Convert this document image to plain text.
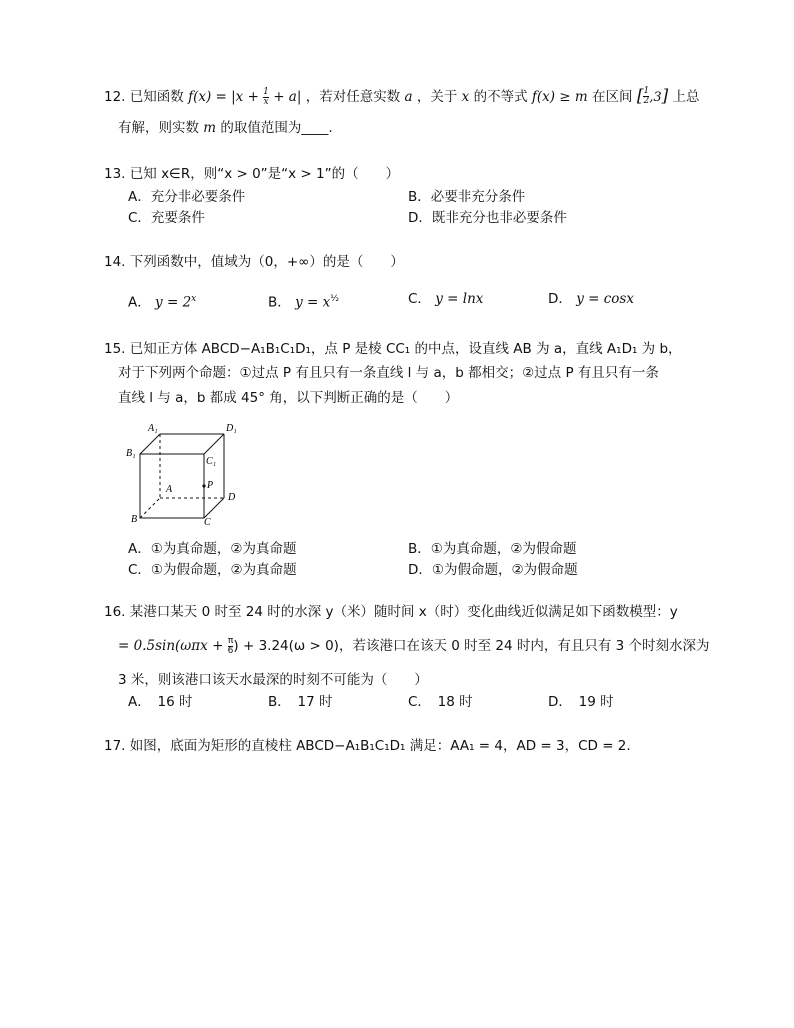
12. 已知函数 $f(x) = |x + \frac{1}{x} + a|$ ，若对任意实数 a ，关于 x 的不等式 f(x) ≥ m 在区间 [ $\frac{1}{2} ,3$] 上总
有解，则实数 m 的取值范围为____.
13. 已知 x∈R，则“x > 0”是“x > 1”的（　　）
A．充分非必要条件	B．必要非充分条件
C．充要条件	D．既非充分也非必要条件
14. 下列函数中，值域为（0，+∞）的是（　　）
A． $y = 2^x$	B． $y = x^{\frac{1}{2}}$	C． y = lnx	D． y = cosx
15. 已知正方体 ABCD−A₁B₁C₁D₁，点 P 是棱 CC₁ 的中点，设直线 AB 为 a，直线 A₁D₁ 为 b，
对于下列两个命题：①过点 P 有且只有一条直线 l 与 a，b 都相交；②过点 P 有且只有一条
直线 l 与 a，b 都成 45° 角，以下判断正确的是（　　）
A₁	D₁
B₁
C₁
A	P
D
B	C
A．①为真命题，②为真命题	B．①为真命题，②为假命题
C．①为假命题，②为真命题	D．①为假命题，②为假命题
16. 某港口某天 0 时至 24 时的水深 y（米）随时间 x（时）变化曲线近似满足如下函数模型：y
= $0.5\sin(\omega\pi x + \frac{\pi}{6}$ ) + 3.24(ω > 0)，若该港口在该天 0 时至 24 时内，有且只有 3 个时刻水深为
3 米，则该港口该天水最深的时刻不可能为（　　）
A．　16 时	B．　17 时	C．　18 时	D．　19 时
17. 如图，底面为矩形的直棱柱 ABCD−A₁B₁C₁D₁ 满足：AA₁ = 4，AD = 3，CD = 2.
